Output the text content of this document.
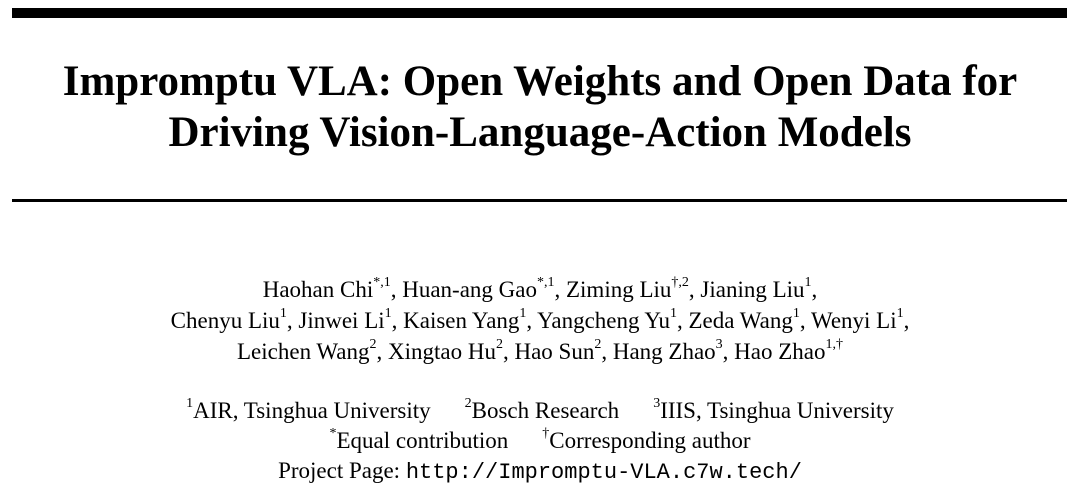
Impromptu VLA: Open Weights and Open Data for
Driving Vision-Language-Action Models
Haohan Chi$^{*,1}$, Huan-ang Gao$^{*,1}$, Ziming Liu$^{\dagger,2}$, Jianing Liu$^1$,
Chenyu Liu$^1$, Jinwei Li$^1$, Kaisen Yang$^1$, Yangcheng Yu$^1$, Zeda Wang$^1$, Wenyi Li$^1$,
Leichen Wang$^2$, Xingtao Hu$^2$, Hao Sun$^2$, Hang Zhao$^3$, Hao Zhao$^{1,\dagger}$
$^1$AIR, Tsinghua University $^2$Bosch Research $^3$IIIS, Tsinghua University
*Equal contribution †Corresponding author
Project Page: http://Impromptu-VLA.c7w.tech/
